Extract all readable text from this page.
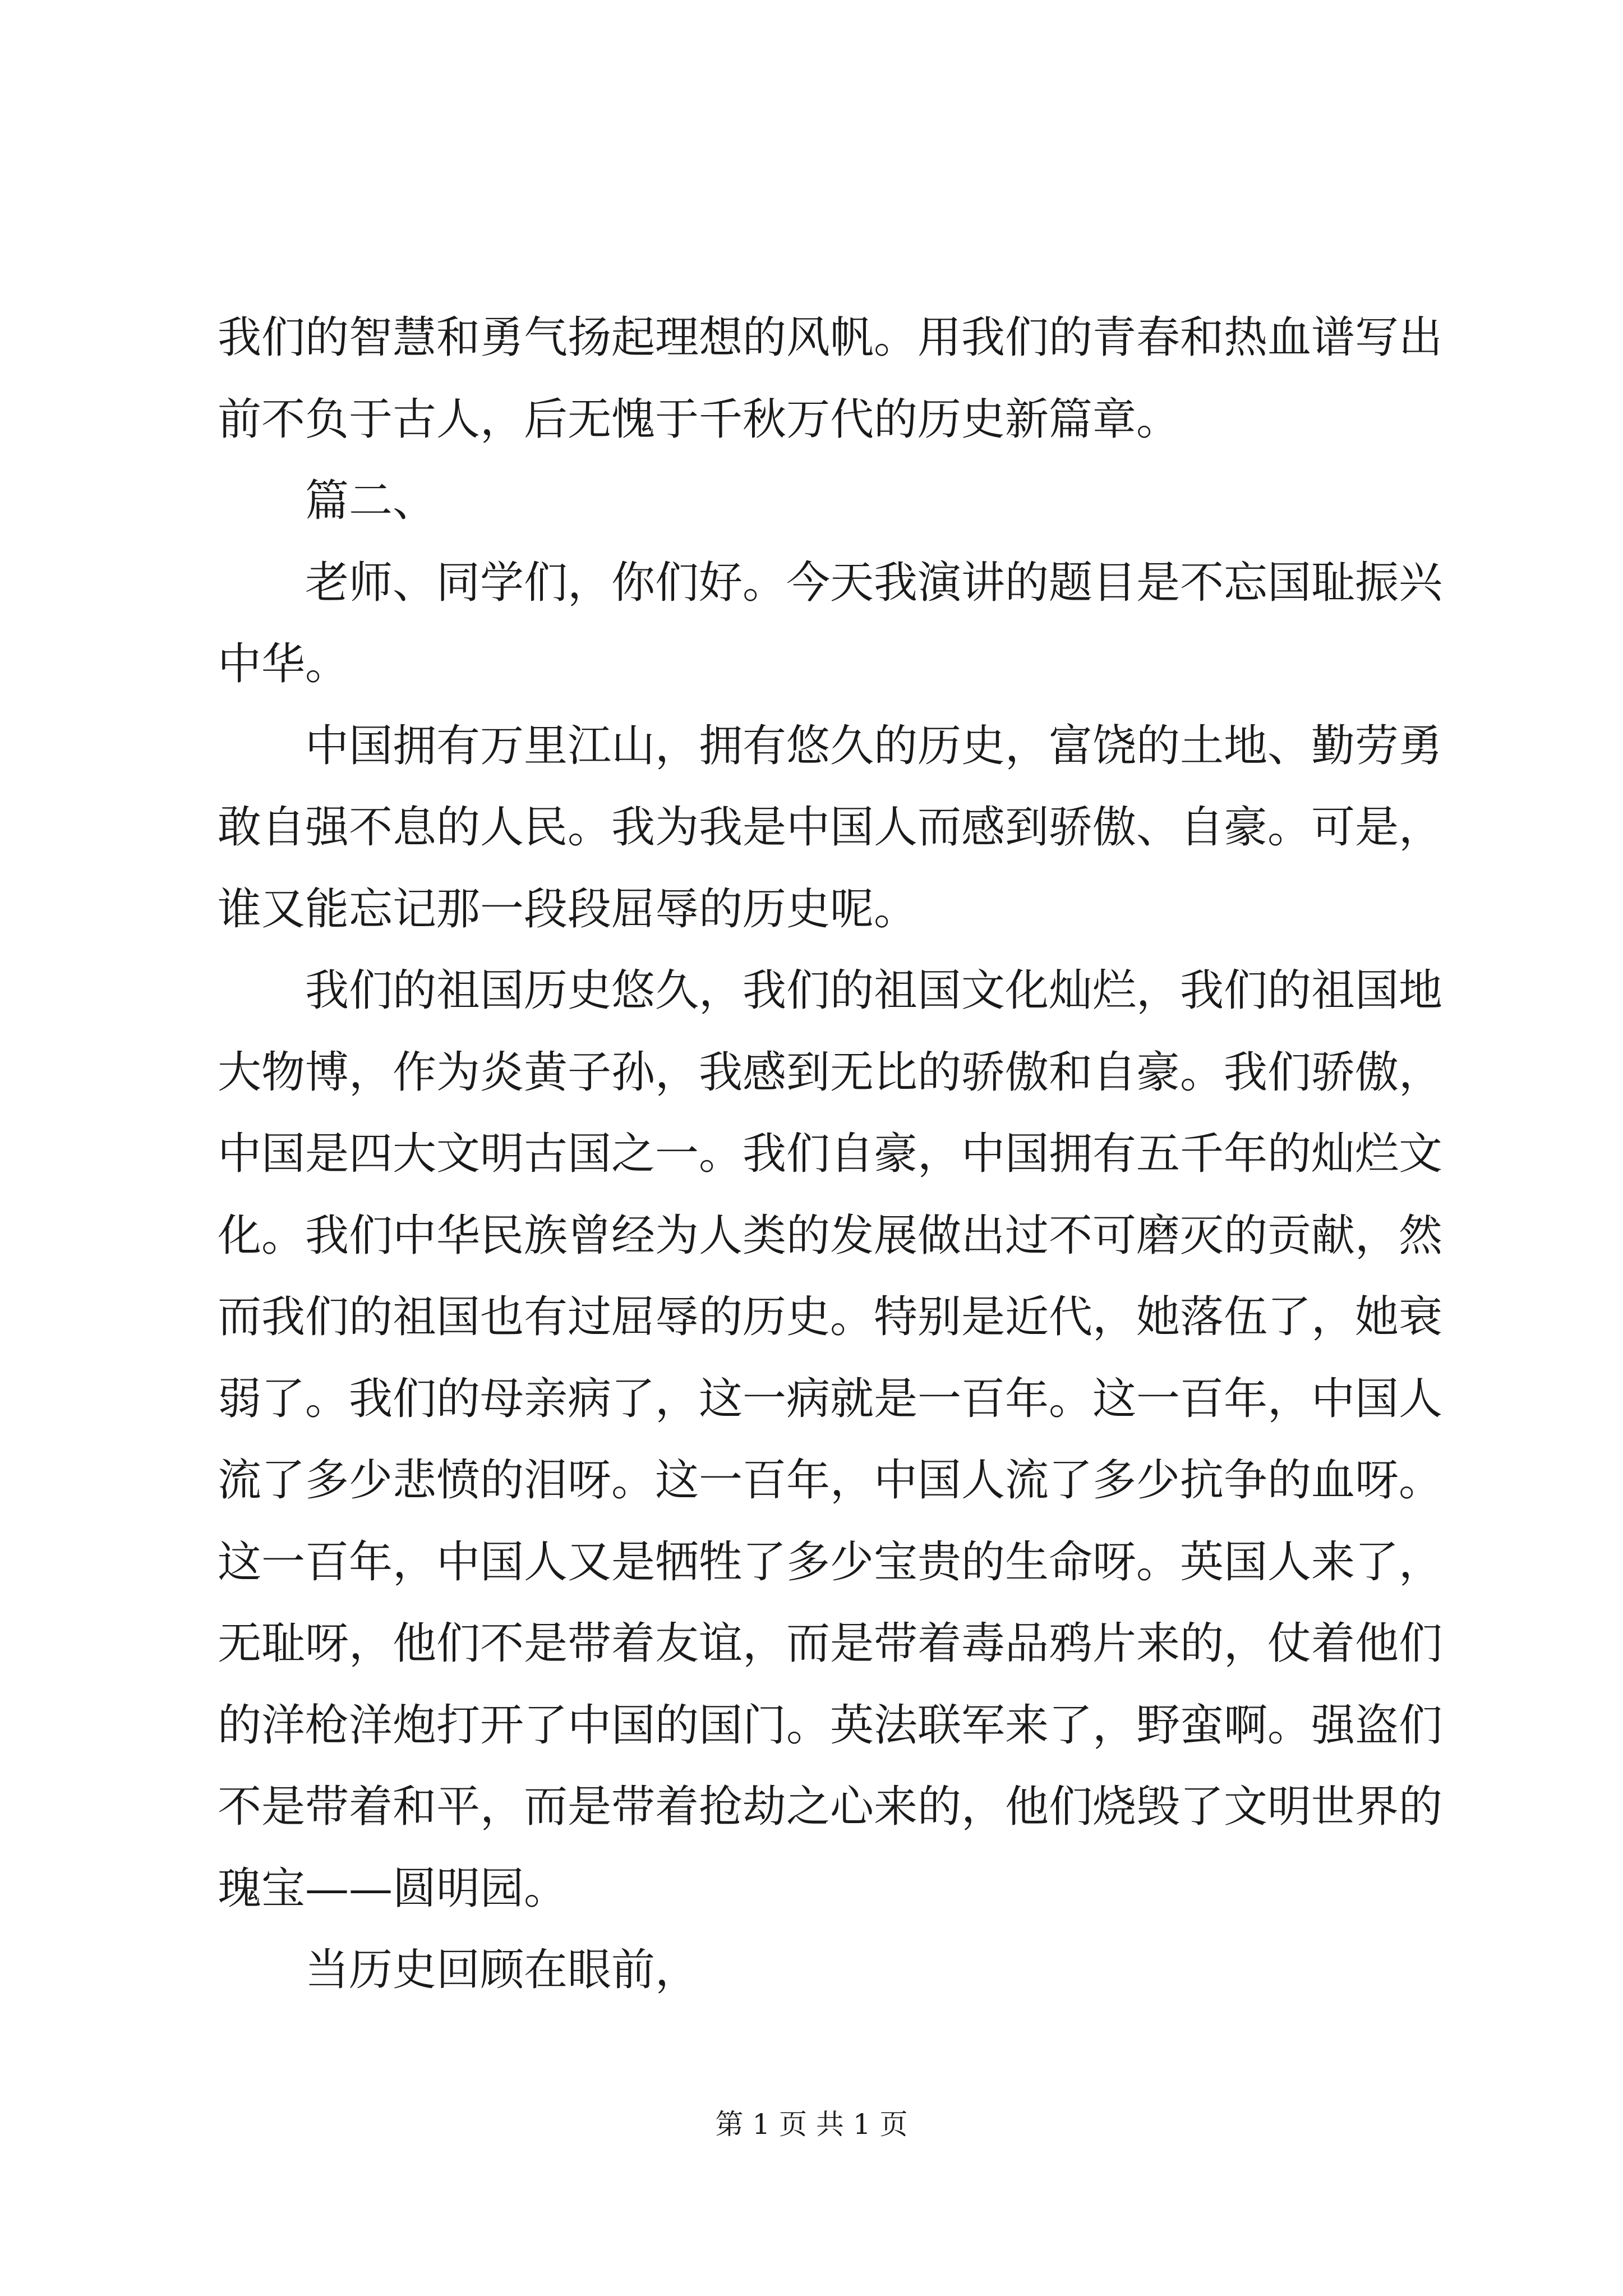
我们的智慧和勇气扬起理想的风帆。用我们的青春和热血谱写出
前不负于古人，后无愧于千秋万代的历史新篇章。
篇二、
老师、同学们，你们好。今天我演讲的题目是不忘国耻振兴
中华。
中国拥有万里江山，拥有悠久的历史，富饶的土地、勤劳勇
敢自强不息的人民。我为我是中国人而感到骄傲、自豪。可是，
谁又能忘记那一段段屈辱的历史呢。
我们的祖国历史悠久，我们的祖国文化灿烂，我们的祖国地
大物博，作为炎黄子孙，我感到无比的骄傲和自豪。我们骄傲，
中国是四大文明古国之一。我们自豪，中国拥有五千年的灿烂文
化。我们中华民族曾经为人类的发展做出过不可磨灭的贡献，然
而我们的祖国也有过屈辱的历史。特别是近代，她落伍了，她衰
弱了。我们的母亲病了，这一病就是一百年。这一百年，中国人
流了多少悲愤的泪呀。这一百年，中国人流了多少抗争的血呀。
这一百年，中国人又是牺牲了多少宝贵的生命呀。英国人来了，
无耻呀，他们不是带着友谊，而是带着毒品鸦片来的，仗着他们
的洋枪洋炮打开了中国的国门。英法联军来了，野蛮啊。强盗们
不是带着和平，而是带着抢劫之心来的，他们烧毁了文明世界的
瑰宝——圆明园。
当历史回顾在眼前，
第 1 页 共 1 页
